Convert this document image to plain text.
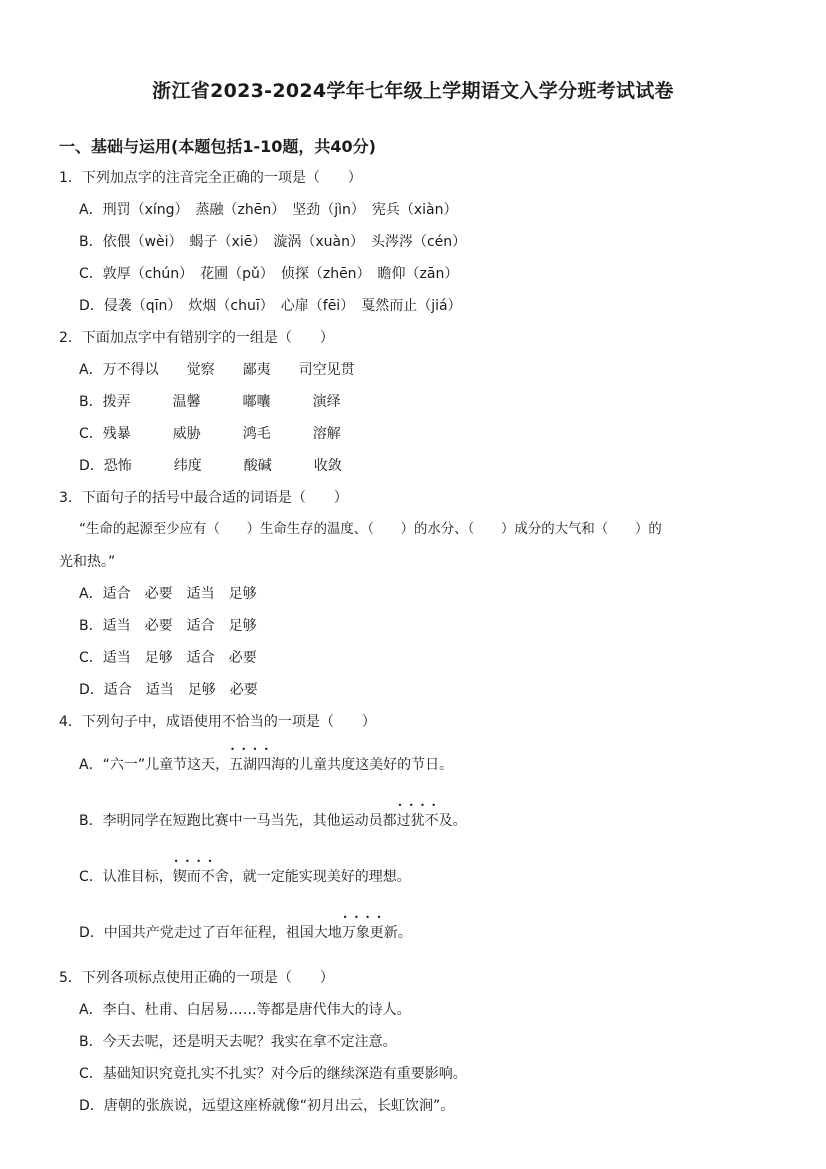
浙江省2023-2024学年七年级上学期语文入学分班考试试卷
一、基础与运用(本题包括1-10题，共40分)
1．下列加点字的注音完全正确的一项是（　　）
A．刑罚（xíng）　蒸融（zhēn）　坚劲（jìn）　宪兵（xiàn）
B．依偎（wèi）　蝎子（xiē）　漩涡（xuàn）　头涔涔（cén）
C．敦厚（chún）　花圃（pǔ）　侦探（zhēn）　瞻仰（zān）
D．侵袭（qīn）　炊烟（chuī）　心扉（fēi）　戛然而止（jiá）
2．下面加点字中有错别字的一组是（　　）
A．万不得以　　觉察　　鄙夷　　司空见贯
B．拨弄　　　温馨　　　嘟囔　　　演绎
C．残暴　　　威胁　　　鸿毛　　　溶解
D．恐怖　　　纬度　　　酸碱　　　收敛
3．下面句子的括号中最合适的词语是（　　）
“生命的起源至少应有（　　）生命生存的温度、（　　）的水分、（　　）成分的大气和（　　）的
光和热。”
A．适合　必要　适当　足够
B．适当　必要　适合　足够
C．适当　足够　适合　必要
D．适合　适当　足够　必要
4．下列句子中，成语使用不恰当的一项是（　　）
A．“六一”儿童节这天，• • 五湖四海的儿童共度这美好的节日。
B．李明同学在短跑比赛中一马当先，其他运动员都• • 过犹不及。
C．认准目标，• • 锲而不舍，就一定能实现美好的理想。
D．中国共产党走过了百年征程，祖国大地• • 万象更新。
5．下列各项标点使用正确的一项是（　　）
A．李白、杜甫、白居易……等都是唐代伟大的诗人。
B．今天去呢，还是明天去呢？我实在拿不定注意。
C．基础知识究竟扎实不扎实？对今后的继续深造有重要影响。
D．唐朝的张族说，远望这座桥就像“初月出云，长虹饮涧”。
